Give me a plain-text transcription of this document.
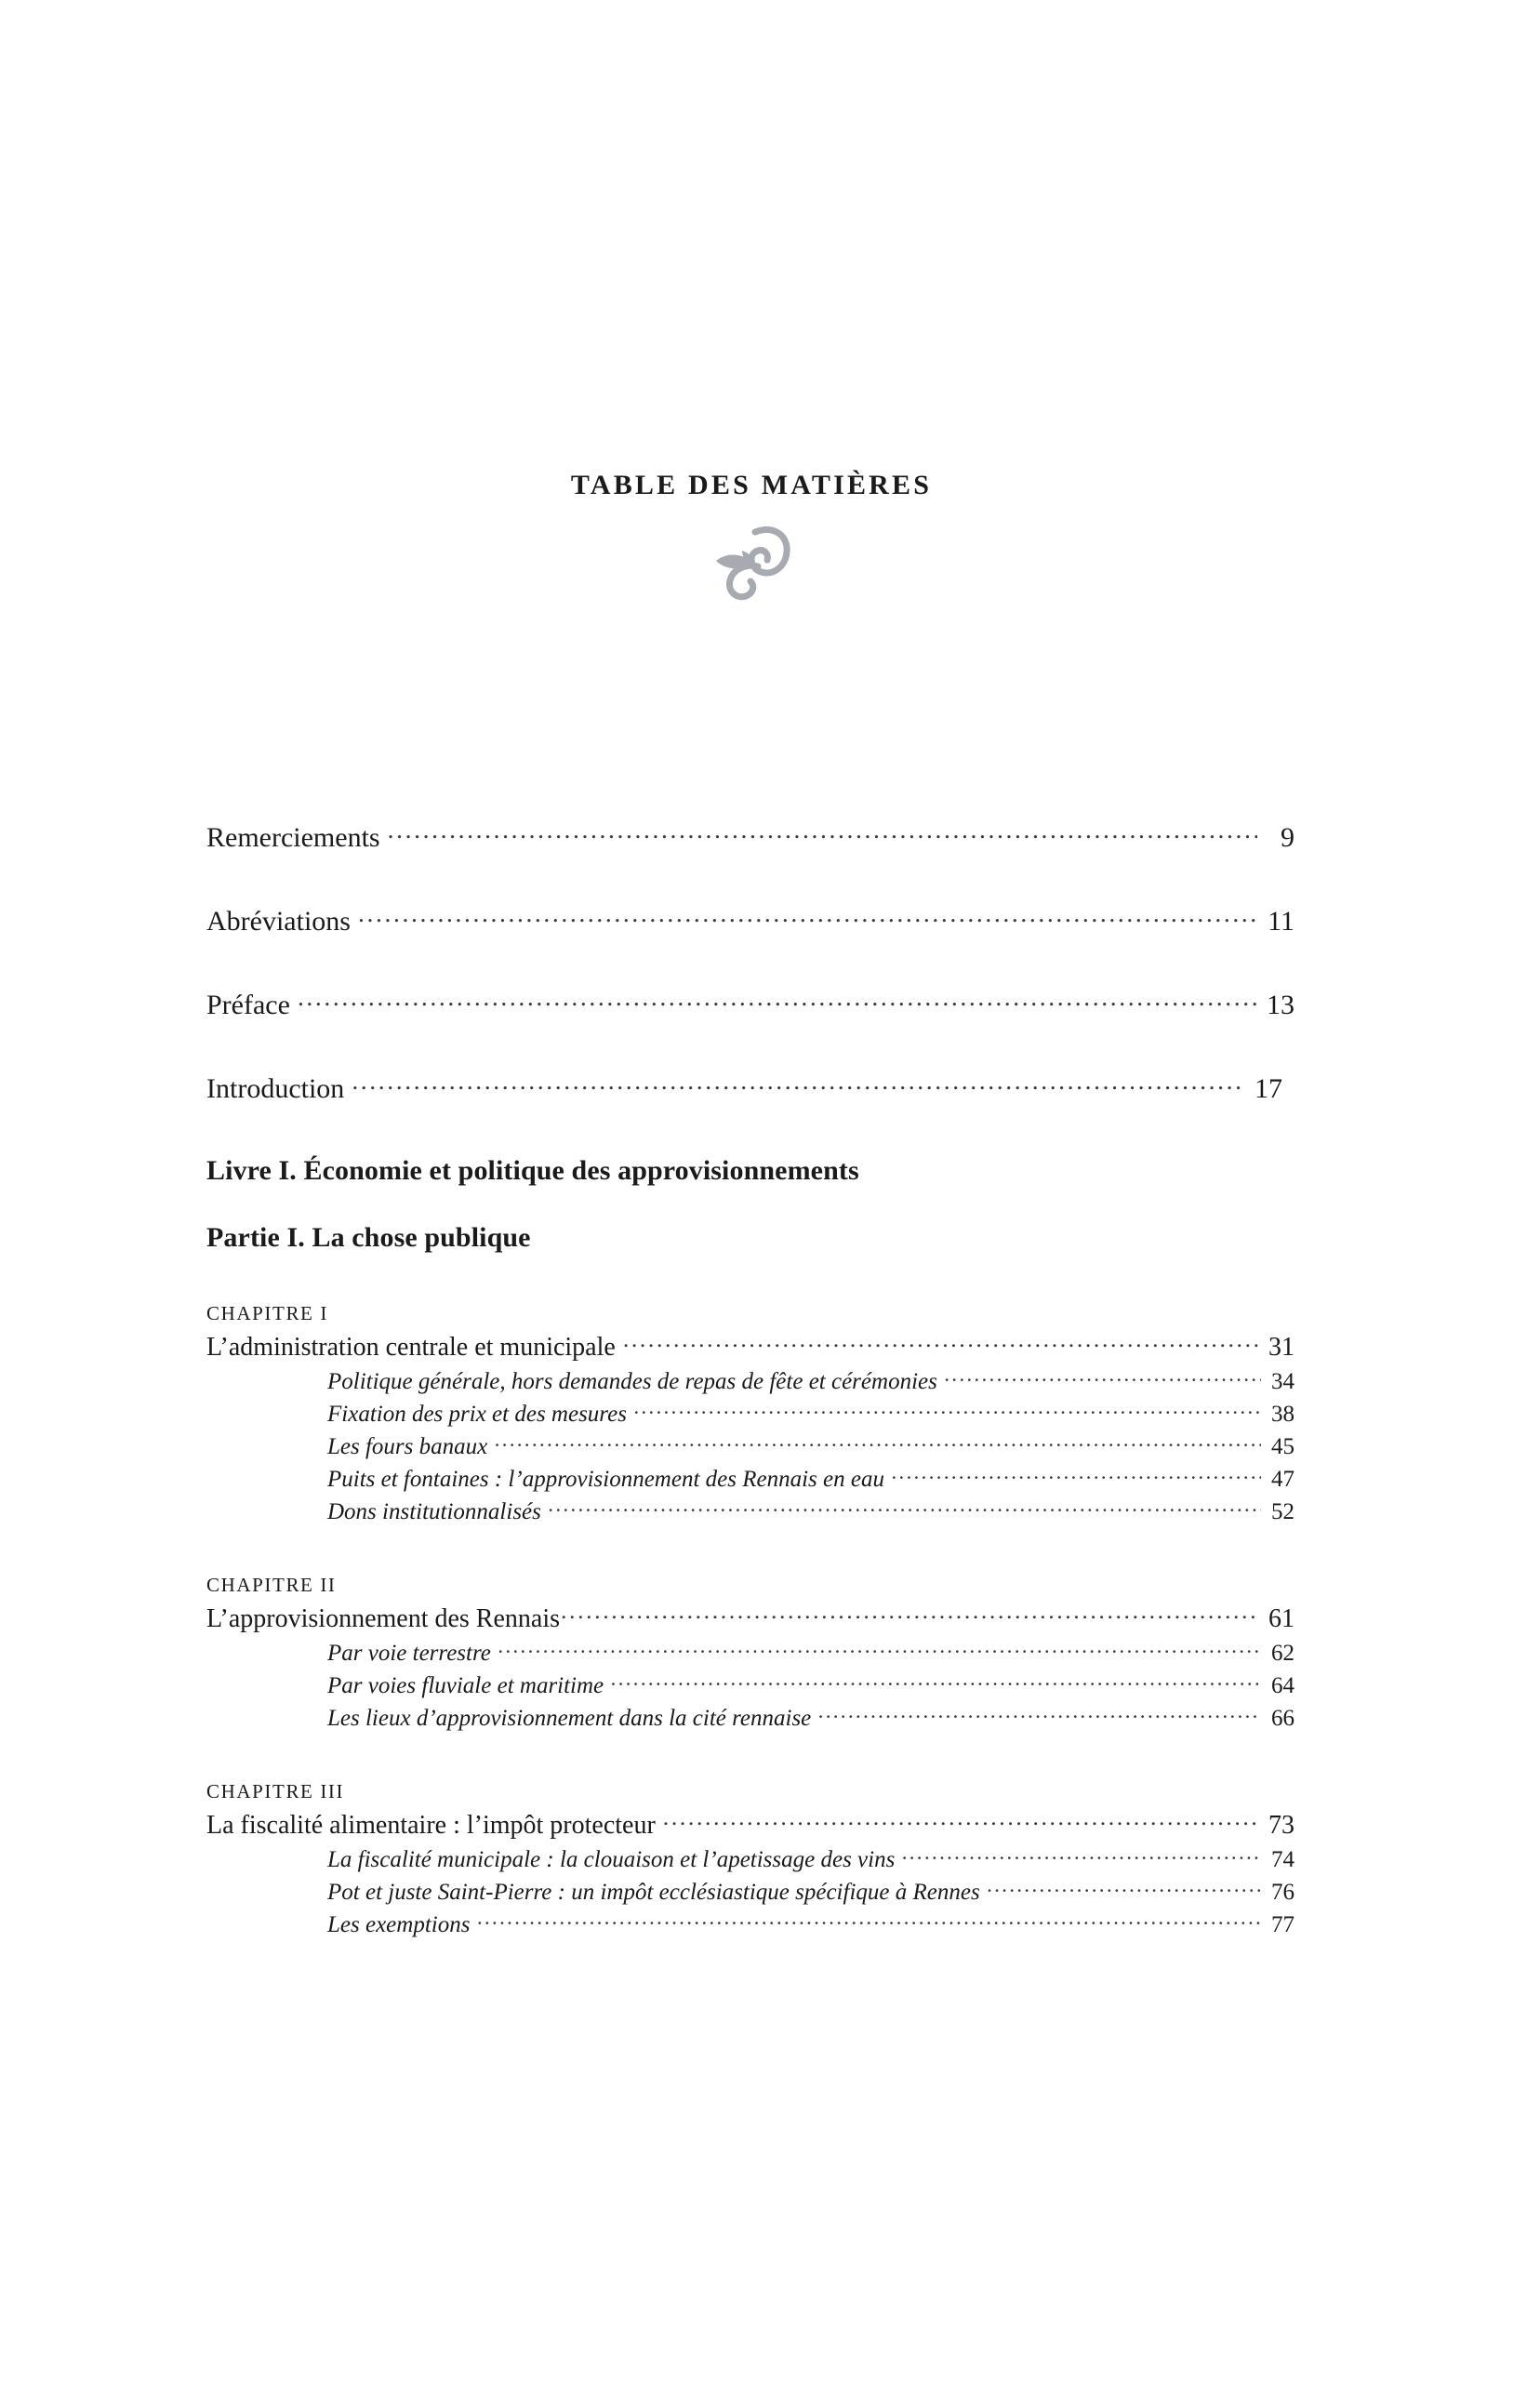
TABLE DES MATIÈRES
Remerciements .....	9
Abréviations .....	11
Préface .....	13
Introduction .....	17
Livre I. Économie et politique des approvisionnements
Partie I. La chose publique
CHAPITRE I
L’administration centrale et municipale .....	31
Politique générale, hors demandes de repas de fête et cérémonies .....	34
Fixation des prix et des mesures .....	38
Les fours banaux .....	45
Puits et fontaines : l’approvisionnement des Rennais en eau .....	47
Dons institutionnalisés .....	52
CHAPITRE II
L’approvisionnement des Rennais .....	61
Par voie terrestre .....	62
Par voies fluviale et maritime .....	64
Les lieux d’approvisionnement dans la cité rennaise .....	66
CHAPITRE III
La fiscalité alimentaire : l’impôt protecteur .....	73
La fiscalité municipale : la clouaison et l’apetissage des vins .....	74
Pot et juste Saint-Pierre : un impôt ecclésiastique spécifique à Rennes .....	76
Les exemptions .....	77
